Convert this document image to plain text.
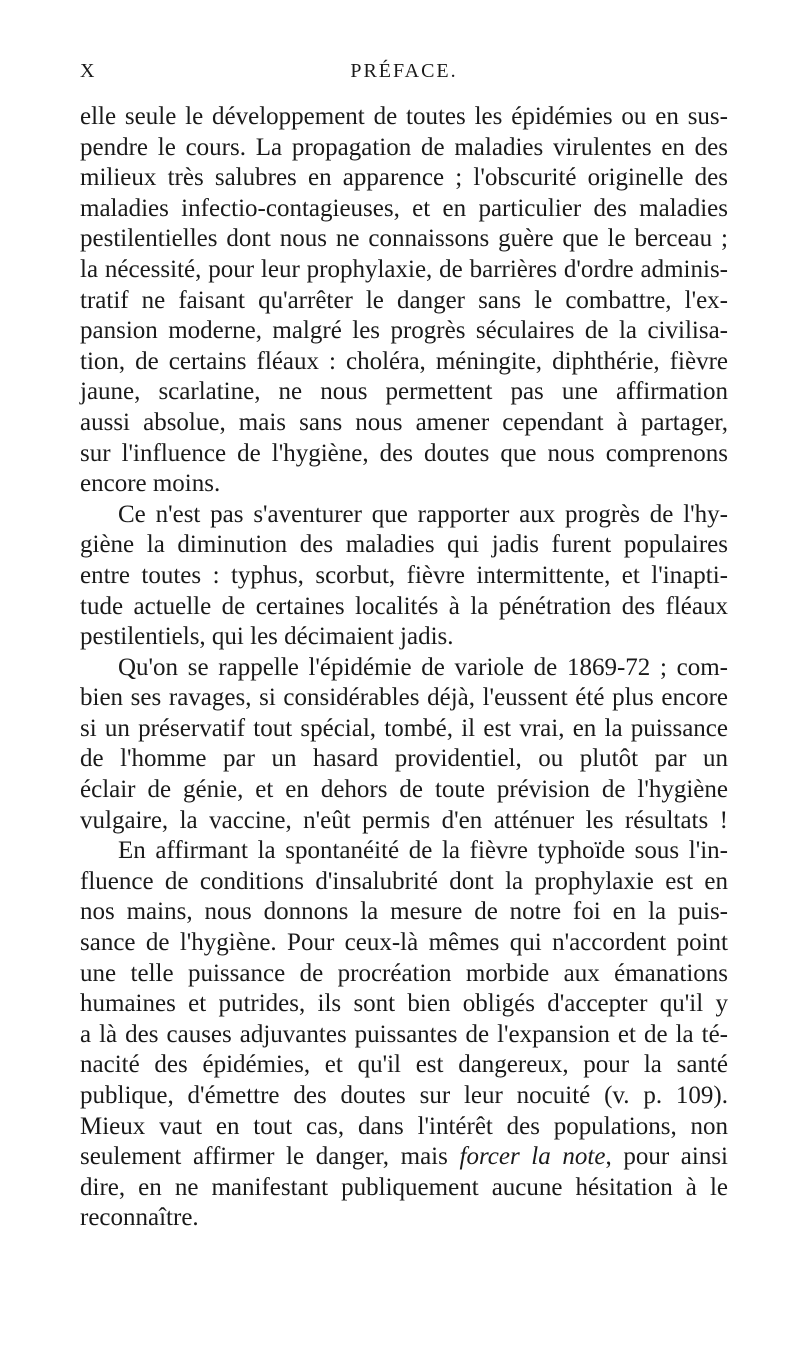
X	PRÉFACE.

elle seule le développement de toutes les épidémies ou en sus-
pendre le cours. La propagation de maladies virulentes en des
milieux très salubres en apparence ; l'obscurité originelle des
maladies infectio-contagieuses, et en particulier des maladies
pestilentielles dont nous ne connaissons guère que le berceau ;
la nécessité, pour leur prophylaxie, de barrières d'ordre adminis-
tratif ne faisant qu'arrêter le danger sans le combattre, l'ex-
pansion moderne, malgré les progrès séculaires de la civilisa-
tion, de certains fléaux : choléra, méningite, diphthérie, fièvre
jaune, scarlatine, ne nous permettent pas une affirmation
aussi absolue, mais sans nous amener cependant à partager,
sur l'influence de l'hygiène, des doutes que nous comprenons
encore moins.

Ce n'est pas s'aventurer que rapporter aux progrès de l'hy-
giène la diminution des maladies qui jadis furent populaires
entre toutes : typhus, scorbut, fièvre intermittente, et l'inapti-
tude actuelle de certaines localités à la pénétration des fléaux
pestilentiels, qui les décimaient jadis.

Qu'on se rappelle l'épidémie de variole de 1869-72 ; com-
bien ses ravages, si considérables déjà, l'eussent été plus encore
si un préservatif tout spécial, tombé, il est vrai, en la puissance
de l'homme par un hasard providentiel, ou plutôt par un
éclair de génie, et en dehors de toute prévision de l'hygiène
vulgaire, la vaccine, n'eût permis d'en atténuer les résultats !

En affirmant la spontanéité de la fièvre typhoïde sous l'in-
fluence de conditions d'insalubrité dont la prophylaxie est en
nos mains, nous donnons la mesure de notre foi en la puis-
sance de l'hygiène. Pour ceux-là mêmes qui n'accordent point
une telle puissance de procréation morbide aux émanations
humaines et putrides, ils sont bien obligés d'accepter qu'il y
a là des causes adjuvantes puissantes de l'expansion et de la té-
nacité des épidémies, et qu'il est dangereux, pour la santé
publique, d'émettre des doutes sur leur nocuité (v. p. 109).
Mieux vaut en tout cas, dans l'intérêt des populations, non
seulement affirmer le danger, mais forcer la note, pour ainsi
dire, en ne manifestant publiquement aucune hésitation à le
reconnaître.
